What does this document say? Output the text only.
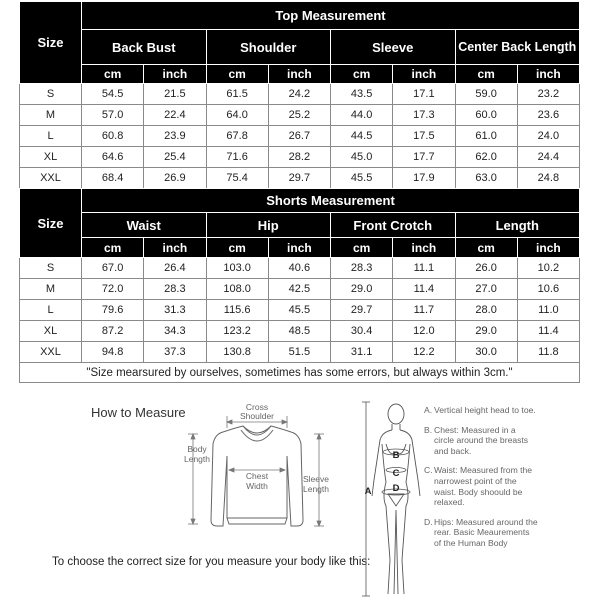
Size	Top Measurement							
	Back Bust		Shoulder		Sleeve		Center Back Length	
	cm	inch	cm	inch	cm	inch	cm	inch
S	54.5	21.5	61.5	24.2	43.5	17.1	59.0	23.2
M	57.0	22.4	64.0	25.2	44.0	17.3	60.0	23.6
L	60.8	23.9	67.8	26.7	44.5	17.5	61.0	24.0
XL	64.6	25.4	71.6	28.2	45.0	17.7	62.0	24.4
XXL	68.4	26.9	75.4	29.7	45.5	17.9	63.0	24.8
Size	Shorts Measurement							
	Waist		Hip		Front Crotch		Length	
	cm	inch	cm	inch	cm	inch	cm	inch
S	67.0	26.4	103.0	40.6	28.3	11.1	26.0	10.2
M	72.0	28.3	108.0	42.5	29.0	11.4	27.0	10.6
L	79.6	31.3	115.6	45.5	29.7	11.7	28.0	11.0
XL	87.2	34.3	123.2	48.5	30.4	12.0	29.0	11.4
XXL	94.8	37.3	130.8	51.5	31.1	12.2	30.0	11.8
"Size mearsured by ourselves, sometimes has some errors, but always within 3cm."								
How to Measure	Cross
Shoulder
Body
Length
Chest
Width
Sleeve
Length
To choose the correct size for you measure your body like this:
A
B
C
D
A. Vertical height head to toe.
B. Chest: Measured in a circle around the breasts and back.
C.Waist: Measured from the narrowest point of the waist. Body shoould be relaxed.
D.Hips: Measured around the rear. Basic Meaurements of the Human Body
